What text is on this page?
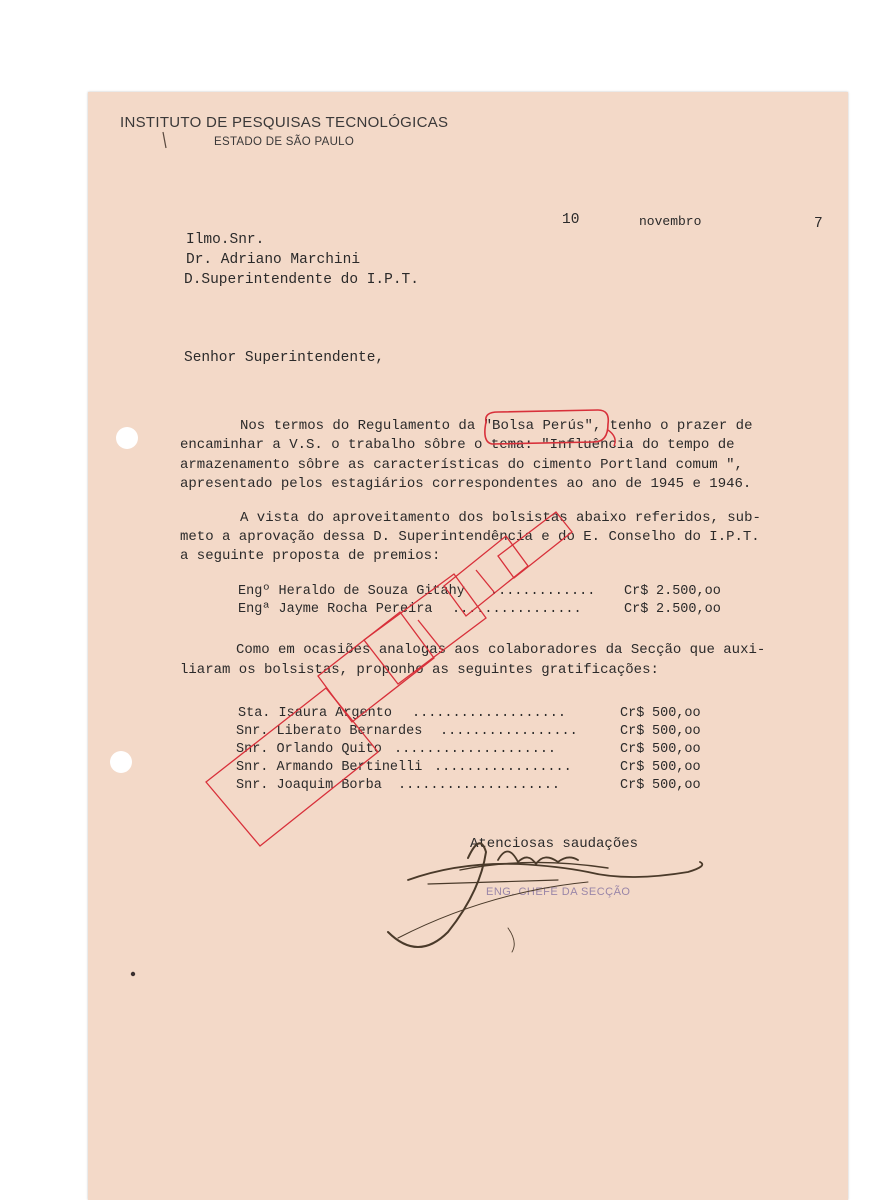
INSTITUTO DE PESQUISAS TECNOLÓGICAS
ESTADO DE SÃO PAULO
10	novembro	7
Ilmo.Snr.
Dr. Adriano Marchini
D.Superintendente do I.P.T.
Senhor Superintendente,
Nos termos do Regulamento da "Bolsa Perús", tenho o prazer de
encaminhar a V.S. o trabalho sôbre o tema: "Influência do tempo de
armazenamento sôbre as características do cimento Portland comum ",
apresentado pelos estagiários correspondentes ao ano de 1945 e 1946.
A vista do aproveitamento dos bolsistas abaixo referidos, sub-
meto a aprovação dessa D. Superintendência e do E. Conselho do I.P.T.
a seguinte proposta de premios:
Engº Heraldo de Souza Gitahy ............. Cr$ 2.500,oo
Engª Jayme Rocha Pereira ................	Cr$ 2.500,oo
Como em ocasiões analogas aos colaboradores da Secção que auxi-
liaram os bolsistas, proponho as seguintes gratificações:
Sta. Isaura Argento ...................	Cr$ 500,oo
Snr. Liberato Bernardes .................	Cr$ 500,oo
Snr. Orlando Quito ....................	Cr$ 500,oo
Snr. Armando Bertinelli .................	Cr$ 500,oo
Snr. Joaquim Borba ....................	Cr$ 500,oo
Atenciosas saudações
ENG. CHEFE DA SECÇÃO
